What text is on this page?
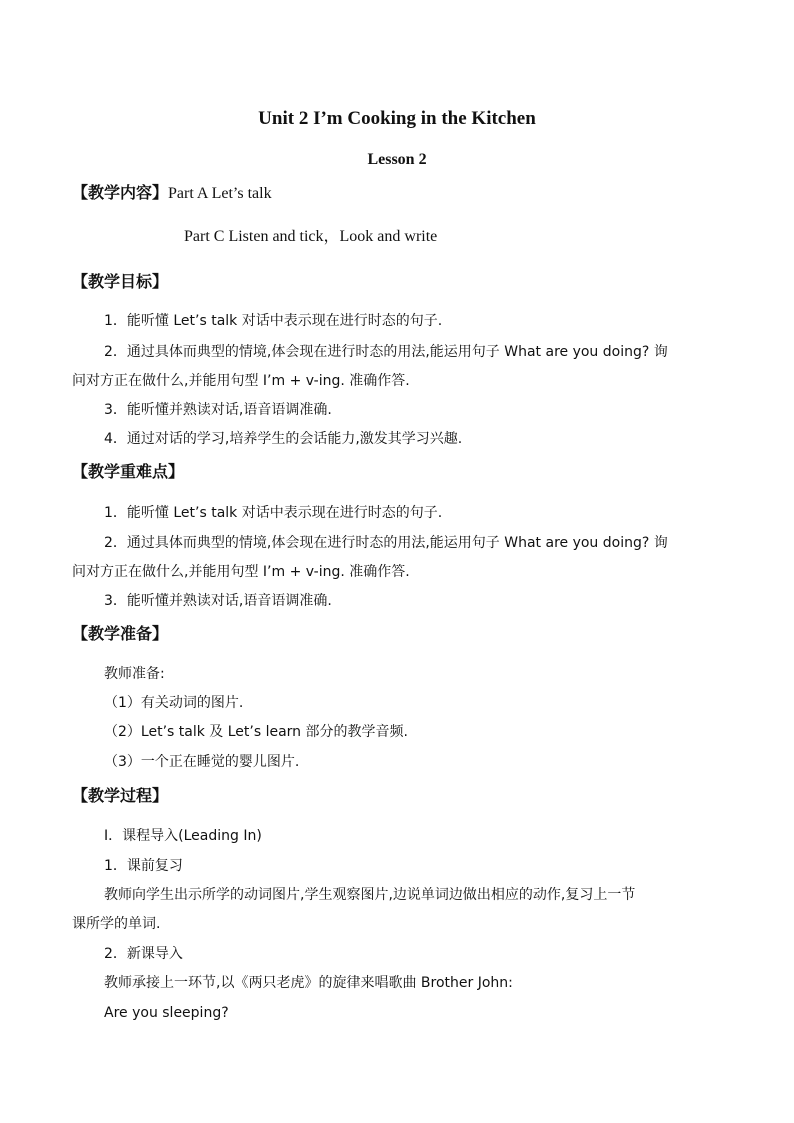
Unit 2 I’m Cooking in the Kitchen
Lesson 2
【教学内容】Part A Let’s talk
Part C Listen and tick，Look and write
【教学目标】
1．能听懂 Let’s talk 对话中表示现在进行时态的句子.
2．通过具体而典型的情境,体会现在进行时态的用法,能运用句子 What are you doing? 询
问对方正在做什么,并能用句型 I’m + v-ing. 准确作答.
3．能听懂并熟读对话,语音语调准确.
4．通过对话的学习,培养学生的会话能力,激发其学习兴趣.
【教学重难点】
1．能听懂 Let’s talk 对话中表示现在进行时态的句子.
2．通过具体而典型的情境,体会现在进行时态的用法,能运用句子 What are you doing? 询
问对方正在做什么,并能用句型 I’m + v-ing. 准确作答.
3．能听懂并熟读对话,语音语调准确.
【教学准备】
教师准备:
（1）有关动词的图片.
（2）Let’s talk 及 Let’s learn 部分的教学音频.
（3）一个正在睡觉的婴儿图片.
【教学过程】
Ⅰ．课程导入(Leading In)
1．课前复习
教师向学生出示所学的动词图片,学生观察图片,边说单词边做出相应的动作,复习上一节
课所学的单词.
2．新课导入
教师承接上一环节,以《两只老虎》的旋律来唱歌曲 Brother John:
Are you sleeping?
